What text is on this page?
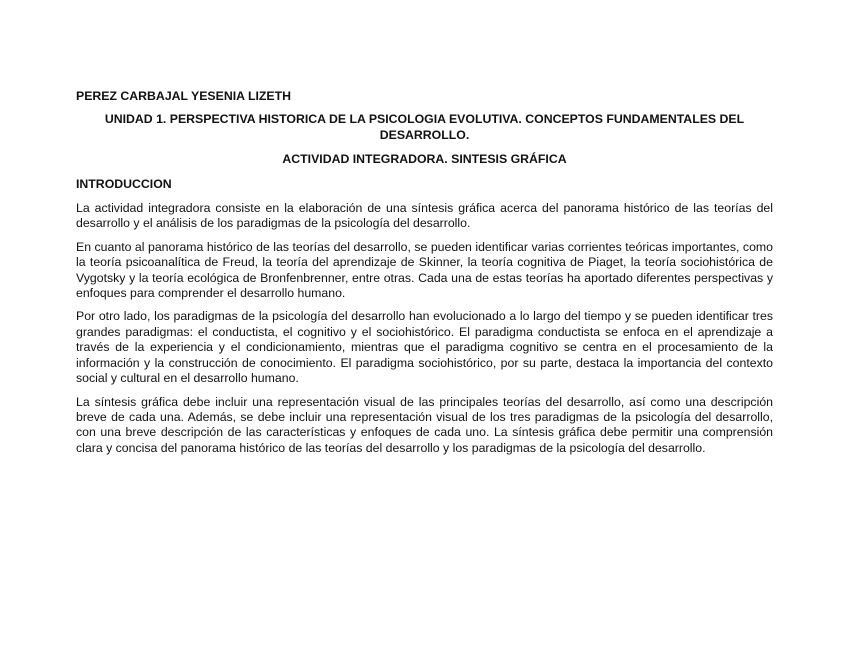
PEREZ CARBAJAL YESENIA LIZETH
UNIDAD 1. PERSPECTIVA HISTORICA DE LA PSICOLOGIA EVOLUTIVA. CONCEPTOS FUNDAMENTALES DEL DESARROLLO.
ACTIVIDAD INTEGRADORA. SINTESIS GRÁFICA
INTRODUCCION

La actividad integradora consiste en la elaboración de una síntesis gráfica acerca del panorama histórico de las teorías del desarrollo y el análisis de los paradigmas de la psicología del desarrollo.

En cuanto al panorama histórico de las teorías del desarrollo, se pueden identificar varias corrientes teóricas importantes, como la teoría psicoanalítica de Freud, la teoría del aprendizaje de Skinner, la teoría cognitiva de Piaget, la teoría sociohistórica de Vygotsky y la teoría ecológica de Bronfenbrenner, entre otras. Cada una de estas teorías ha aportado diferentes perspectivas y enfoques para comprender el desarrollo humano.

Por otro lado, los paradigmas de la psicología del desarrollo han evolucionado a lo largo del tiempo y se pueden identificar tres grandes paradigmas: el conductista, el cognitivo y el sociohistórico. El paradigma conductista se enfoca en el aprendizaje a través de la experiencia y el condicionamiento, mientras que el paradigma cognitivo se centra en el procesamiento de la información y la construcción de conocimiento. El paradigma sociohistórico, por su parte, destaca la importancia del contexto social y cultural en el desarrollo humano.

La síntesis gráfica debe incluir una representación visual de las principales teorías del desarrollo, así como una descripción breve de cada una. Además, se debe incluir una representación visual de los tres paradigmas de la psicología del desarrollo, con una breve descripción de las características y enfoques de cada uno. La síntesis gráfica debe permitir una comprensión clara y concisa del panorama histórico de las teorías del desarrollo y los paradigmas de la psicología del desarrollo.
